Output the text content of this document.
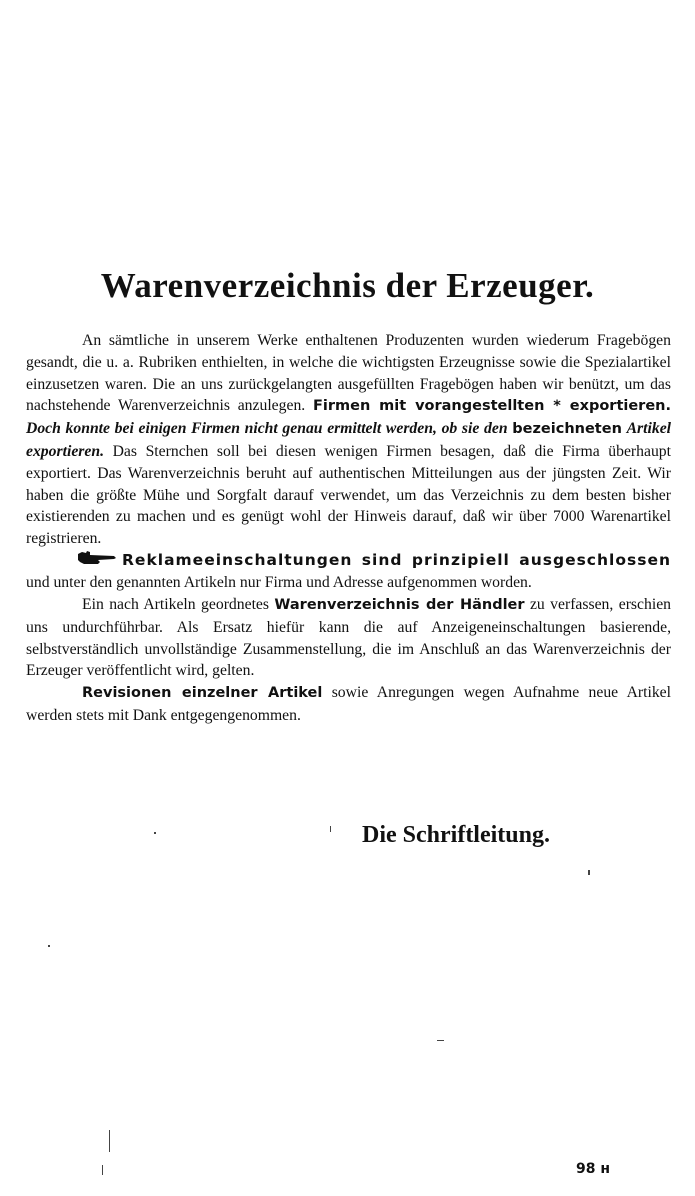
Warenverzeichnis der Erzeuger.

An sämtliche in unserem Werke enthaltenen Produzenten wurden wiederum Fragebögen gesandt, die u. a. Rubriken enthielten, in welche die wichtigsten Erzeugnisse sowie die Spezialartikel einzusetzen waren. Die an uns zurückgelangten ausgefüllten Fragebögen haben wir benützt, um das nachstehende Warenverzeichnis anzulegen. Firmen mit vorangestellten * exportieren. Doch konnte bei einigen Firmen nicht genau ermittelt werden, ob sie den bezeichneten Artikel exportieren. Das Sternchen soll bei diesen wenigen Firmen besagen, daß die Firma überhaupt exportiert. Das Warenverzeichnis beruht auf authentischen Mitteilungen aus der jüngsten Zeit. Wir haben die größte Mühe und Sorgfalt darauf verwendet, um das Verzeichnis zu dem besten bisher existierenden zu machen und es genügt wohl der Hinweis darauf, daß wir über 7000 Warenartikel registrieren.

Reklameeinschaltungen sind prinzipiell ausgeschlossen und unter den genannten Artikeln nur Firma und Adresse aufgenommen worden.

Ein nach Artikeln geordnetes Warenverzeichnis der Händler zu verfassen, erschien uns undurchführbar. Als Ersatz hiefür kann die auf Anzeigeneinschaltungen basierende, selbstverständlich unvollständige Zusammenstellung, die im Anschluß an das Warenverzeichnis der Erzeuger veröffentlicht wird, gelten.

Revisionen einzelner Artikel sowie Anregungen wegen Aufnahme neue Artikel werden stets mit Dank entgegengenommen.

Die Schriftleitung.
98 н
